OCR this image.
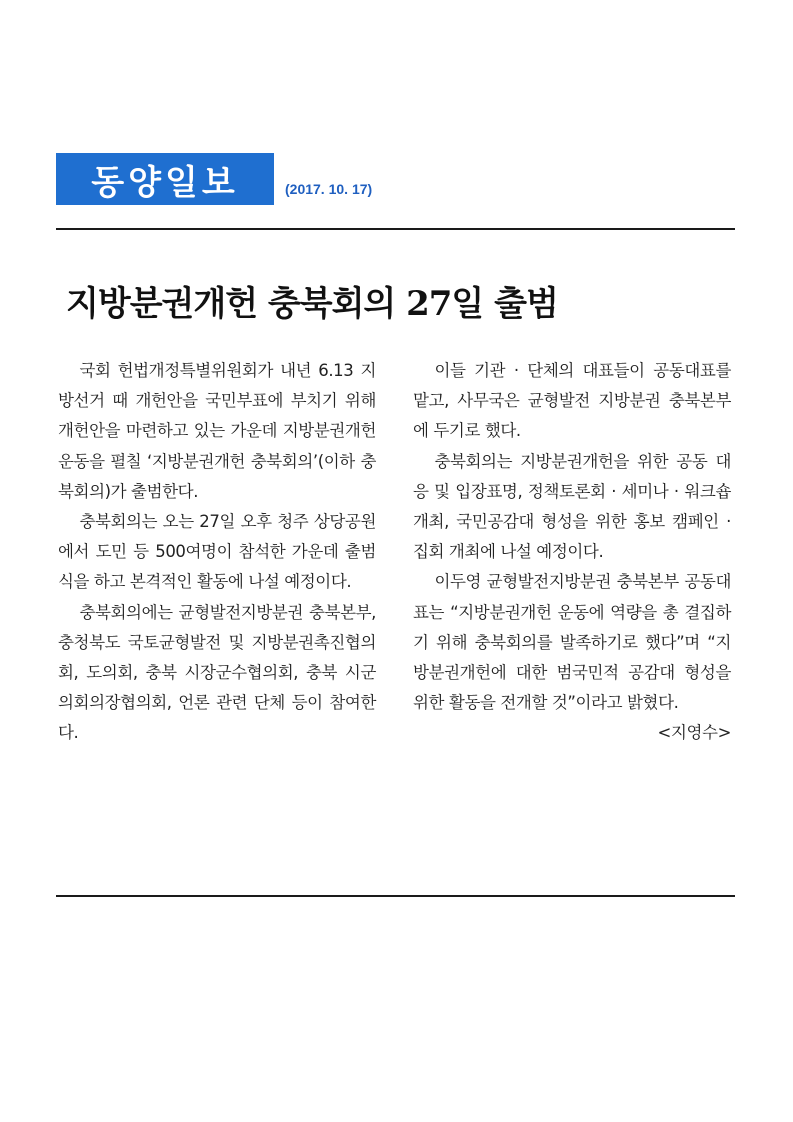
동양일보	(2017. 10. 17)
지방분권개헌 충북회의 27일 출범

국회 헌법개정특별위원회가 내년 6.13 지방선거 때 개헌안을 국민부표에 부치기 위해 개헌안을 마련하고 있는 가운데 지방분권개헌 운동을 펼칠 ‘지방분권개헌 충북회의’(이하 충북회의)가 출범한다.

충북회의는 오는 27일 오후 청주 상당공원에서 도민 등 500여명이 참석한 가운데 출범식을 하고 본격적인 활동에 나설 예정이다.

충북회의에는 균형발전지방분권 충북본부, 충청북도 국토균형발전 및 지방분권촉진협의회, 도의회, 충북 시장군수협의회, 충북 시군의회의장협의회, 언론 관련 단체 등이 참여한다.

이들 기관 · 단체의 대표들이 공동대표를 맡고, 사무국은 균형발전 지방분권 충북본부에 두기로 했다.

충북회의는 지방분권개헌을 위한 공동 대응 및 입장표명, 정책토론회 · 세미나 · 워크숍 개최, 국민공감대 형성을 위한 홍보 캠페인 · 집회 개최에 나설 예정이다.

이두영 균형발전지방분권 충북본부 공동대표는 “지방분권개헌 운동에 역량을 총 결집하기 위해 충북회의를 발족하기로 했다”며 “지방분권개헌에 대한 범국민적 공감대 형성을 위한 활동을 전개할 것”이라고 밝혔다.

<지영수>
